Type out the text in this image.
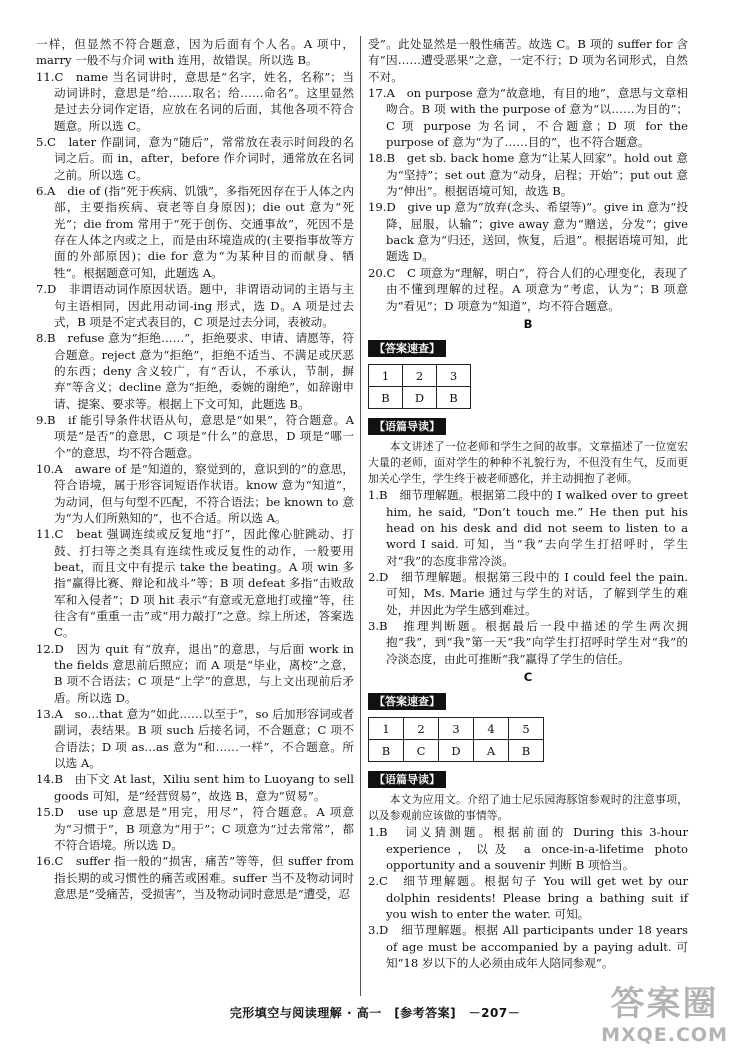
一样，但显然不符合题意，因为后面有个人名。A 项中，marry 一般不与介词 with 连用，故错误。所以选 B。

11.C　name 当名词讲时，意思是“名字，姓名，名称”；当动词讲时，意思是“给……取名；给……命名”。这里显然是过去分词作定语，应放在名词的后面，其他各项不符合题意。所以选 C。

5.C　later 作副词，意为“随后”，常常放在表示时间段的名词之后。而 in，after，before 作介词时，通常放在名词之前。所以选 C。

6.A　die of (指“死于疾病、饥饿”，多指死因存在于人体之内部，主要指疾病、衰老等自身原因)；die out 意为“死光”；die from 常用于“死于创伤、交通事故”，死因不是存在人体之内或之上，而是由环境造成的(主要指事故等方面的外部原因)；die for 意为“为某种目的而献身、牺牲”。根据题意可知，此题选 A。

7.D　非谓语动词作原因状语。题中，非谓语动词的主语与主句主语相同，因此用动词-ing 形式，选 D。A 项是过去式，B 项是不定式表目的，C 项是过去分词，表被动。

8.B　refuse 意为“拒绝……”，拒绝要求、申请、请愿等，符合题意。reject 意为“拒绝”，拒绝不适当、不满足或厌恶的东西；deny 含义较广，有“否认，不承认，节制，摒弃”等含义；decline 意为“拒绝，委婉的谢绝”，如辞谢申请、提案、要求等。根据上下文可知，此题选 B。

9.B　if 能引导条件状语从句，意思是“如果”，符合题意。A 项是“是否”的意思，C 项是“什么”的意思，D 项是“哪一个”的意思，均不符合题意。

10.A　aware of 是“知道的，察觉到的，意识到的”的意思，符合语境，属于形容词短语作状语。know 意为“知道”，为动词，但与句型不匹配，不符合语法；be known to 意为“为人们所熟知的”，也不合适。所以选 A。

11.C　beat 强调连续或反复地“打”，因此像心脏跳动、打鼓、打扫等之类具有连续性或反复性的动作，一般要用 beat，而且文中有提示 take the beating。A 项 win 多指“赢得比赛、辩论和战斗”等；B 项 defeat 多指“击败敌军和入侵者”；D 项 hit 表示“有意或无意地打或撞”等，往往含有“重重一击”或“用力敲打”之意。综上所述，答案选 C。

12.D　因为 quit 有“放弃，退出”的意思，与后面 work in the fields 意思前后照应；而 A 项是“毕业，离校”之意，B 项不合语法；C 项是“上学”的意思，与上文出现前后矛盾。所以选 D。

13.A　so…that 意为“如此……以至于”，so 后加形容词或者副词，表结果。B 项 such 后接名词，不合题意；C 项不合语法；D 项 as…as 意为“和……一样”，不合题意。所以选 A。

14.B　由下文 At last，Xiliu sent him to Luoyang to sell goods 可知，是“经营贸易”，故选 B，意为“贸易”。

15.D　use up 意思是“用完，用尽”，符合题意。A 项意为“习惯于”，B 项意为“用于”；C 项意为“过去常常”，都不符合语境。所以选 D。

16.C　suffer 指一般的“损害，痛苦”等等，但 suffer from 指长期的或习惯性的痛苦或困难。suffer 当不及物动词时意思是“受痛苦，受损害”，当及物动词时意思是“遭受，忍

受”。此处显然是一般性痛苦。故选 C。B 项的 suffer for 含有“因……遭受恶果”之意，一定不行；D 项为名词形式，自然不对。

17.A　on purpose 意为“故意地，有目的地”，意思与文章相吻合。B 项 with the purpose of 意为“以……为目的”；C 项 purpose 为名词，不合题意；D 项 for the purpose of 意为“为了……目的”，也不符合题意。

18.B　get sb. back home 意为“让某人回家”。hold out 意为“坚持”；set out 意为“动身，启程；开始”；put out 意为“伸出”。根据语境可知，故选 B。

19.D　give up 意为“放弃(念头、希望等)”。give in 意为“投降，屈服，认输”；give away 意为“赠送，分发”；give back 意为“归还，送回，恢复，后退”。根据语境可知，此题选 D。

20.C　C 项意为“理解，明白”，符合人们的心理变化，表现了由不懂到理解的过程。A 项意为“考虑，认为”；B 项意为“看见”；D 项意为“知道”，均不符合题意。

B
【答案速查】
1	2	3
B	D	B
【语篇导读】

本文讲述了一位老师和学生之间的故事。文章描述了一位宽宏大量的老师，面对学生的种种不礼貌行为，不但没有生气，反而更加关心学生，学生终于被老师感化，并主动拥抱了老师。

1.B　细节理解题。根据第二段中的 I walked over to greet him, he said, “Don’t touch me.” He then put his head on his desk and did not seem to listen to a word I said. 可知，当“我”去向学生打招呼时，学生对“我”的态度非常冷淡。

2.D　细节理解题。根据第三段中的 I could feel the pain. 可知，Ms. Marie 通过与学生的对话，了解到学生的难处，并因此为学生感到难过。

3.B　推理判断题。根据最后一段中描述的学生两次拥抱“我”，到“我”第一天“我”向学生打招呼时学生对“我”的冷淡态度，由此可推断“我”赢得了学生的信任。

C
【答案速查】
1	2	3	4	5
B	C	D	A	B
【语篇导读】

本文为应用文。介绍了迪士尼乐园海豚馆参观时的注意事项，以及参观前应该做的事情等。

1.B　词义猜测题。根据前面的 During this 3-hour experience，以及 a once-in-a-lifetime photo opportunity and a souvenir 判断 B 项恰当。

2.C　细节理解题。根据句子 You will get wet by our dolphin residents! Please bring a bathing suit if you wish to enter the water. 可知。

3.D　细节理解题。根据 All participants under 18 years of age must be accompanied by a paying adult. 可知“18 岁以下的人必须由成年人陪同参观”。

完形填空与阅读理解 · 高一　[参考答案]　－207－	答案圈
MXQE.COM
